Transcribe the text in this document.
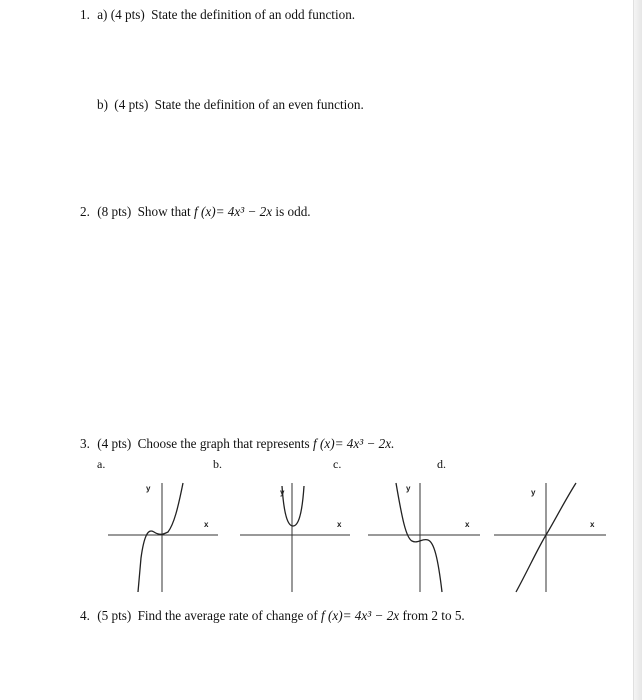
1. a) (4 pts) State the definition of an odd function.
b) (4 pts) State the definition of an even function.
2. (8 pts) Show that f (x)= 4x³ − 2x is odd.
3. (4 pts) Choose the graph that represents f (x)= 4x³ − 2x.
a.	b.	c.	d.
y
x
y
x
y
x
y
x
4. (5 pts) Find the average rate of change of f (x)= 4x³ − 2x from 2 to 5.
